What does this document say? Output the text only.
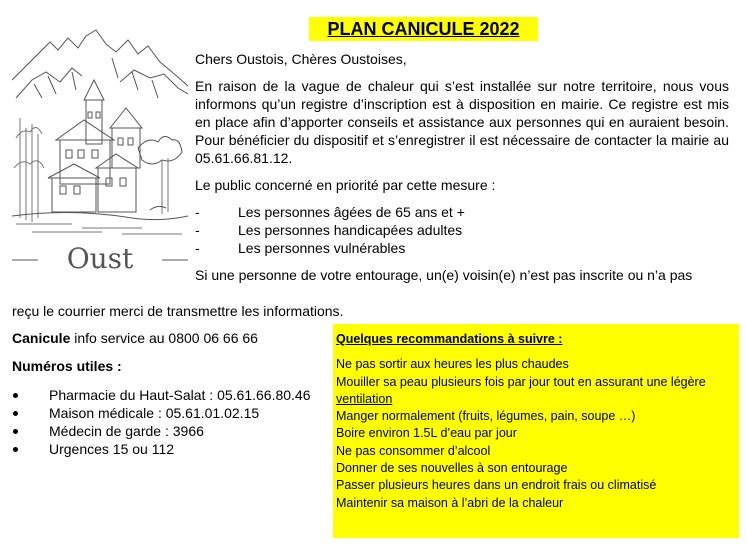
PLAN CANICULE 2022
Oust

Chers Oustois, Chères Oustoises,

En raison de la vague de chaleur qui s’est installée sur notre territoire, nous vous informons qu’un registre d’inscription est à disposition en mairie. Ce registre est mis en place afin d’apporter conseils et assistance aux personnes qui en auraient besoin. Pour bénéficier du dispositif et s’enregistrer il est nécessaire de contacter la mairie au 05.61.66.81.12.

Le public concerné en priorité par cette mesure :

- Les personnes âgées de 65 ans et +
- Les personnes handicapées adultes
- Les personnes vulnérables

Si une personne de votre entourage, un(e) voisin(e) n’est pas inscrite ou n’a pas

reçu le courrier merci de transmettre les informations.
Canicule info service au 0800 06 66 66
Numéros utiles :
Pharmacie du Haut-Salat : 05.61.66.80.46
Maison médicale : 05.61.01.02.15
Médecin de garde : 3966
Urgences 15 ou 112
Quelques recommandations à suivre :
Ne pas sortir aux heures les plus chaudes
Mouiller sa peau plusieurs fois par jour tout en assurant une légère
ventilation
Manger normalement (fruits, légumes, pain, soupe …)
Boire environ 1.5L d’eau par jour
Ne pas consommer d’alcool
Donner de ses nouvelles à son entourage
Passer plusieurs heures dans un endroit frais ou climatisé
Maintenir sa maison à l’abri de la chaleur
